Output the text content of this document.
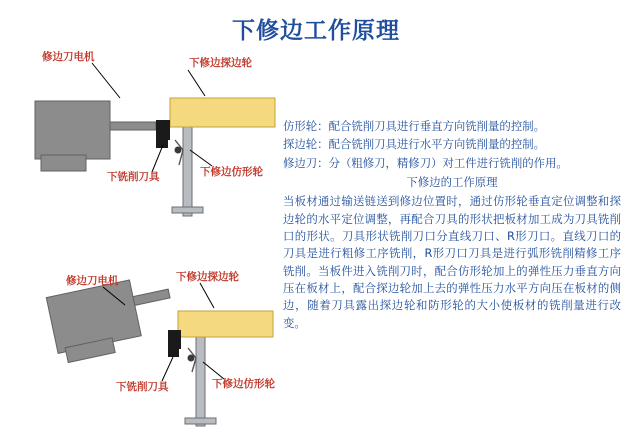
下修边工作原理
修边刀电机	下修边探边轮
下铣削刀具	下修边仿形轮
修边刀电机	下修边探边轮
下铣削刀具	下修边仿形轮

仿形轮：配合铣削刀具进行垂直方向铣削量的控制。

探边轮：配合铣削刀具进行水平方向铣削量的控制。

修边刀：分（粗修刀，精修刀）对工件进行铣削的作用。

下修边的工作原理

当板材通过输送链送到修边位置时，通过仿形轮垂直定位调整和探边轮的水平定位调整，再配合刀具的形状把板材加工成为刀具铣削口的形状。刀具形状铣削刀口分直线刀口、R形刀口。直线刀口的刀具是进行粗修工序铣削，R形刀口刀具是进行弧形铣削精修工序铣削。当板件进入铣削刀时，配合仿形轮加上的弹性压力垂直方向压在板材上，配合探边轮加上去的弹性压力水平方向压在板材的侧边，随着刀具露出探边轮和防形轮的大小使板材的铣削量进行改变。
